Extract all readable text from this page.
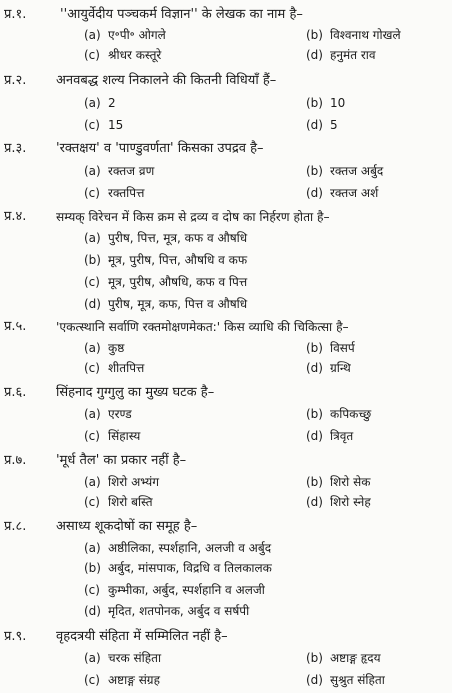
प्र.१.	''आयुर्वेदीय पञ्चकर्म विज्ञान'' के लेखक का नाम है–
(a) ए॰पी॰ ओगले	(b) विश्वनाथ गोखले
(c) श्रीधर कस्तूरे	(d) हनुमंत राव
प्र.२. अनवबद्ध शल्य निकालने की कितनी विधियाँ हैं–
(a) 2	(b) 10
(c) 15	(d) 5
प्र.३. 'रक्तक्षय' व 'पाण्डुवर्णता' किसका उपद्रव है–
(a) रक्तज व्रण	(b) रक्तज अर्बुद
(c) रक्तपित्त	(d) रक्तज अर्श
प्र.४. सम्यक् विरेचन में किस क्रम से द्रव्य व दोष का निर्हरण होता है–
(a) पुरीष, पित्त, मूत्र, कफ व औषधि
(b) मूत्र, पुरीष, पित्त, औषधि व कफ
(c) मूत्र, पुरीष, औषधि, कफ व पित्त
(d) पुरीष, मूत्र, कफ, पित्त व औषधि
प्र.५. 'एकत्स्थानि सर्वाणि रक्तमोक्षणमेकत:' किस व्याधि की चिकित्सा है–
(a) कुष्ठ	(b) विसर्प
(c) शीतपित्त	(d) ग्रन्थि
प्र.६. सिंहनाद गुग्गुलु का मुख्य घटक है–
(a) एरण्ड	(b) कपिकच्छु
(c) सिंहास्य	(d) त्रिवृत
प्र.७. 'मूर्ध तैल' का प्रकार नहीं है–
(a) शिरो अभ्यंग	(b) शिरो सेक
(c) शिरो बस्ति	(d) शिरो स्नेह
प्र.८. असाध्य शूकदोषों का समूह है–
(a) अष्ठीलिका, स्पर्शहानि, अलजी व अर्बुद
(b) अर्बुद, मांसपाक, विद्रधि व तिलकालक
(c) कुम्भीका, अर्बुद, स्पर्शहानि व अलजी
(d) मृदित, शतपोनक, अर्बुद व सर्षपी
प्र.९. वृहदत्रयी संहिता में सम्मिलित नहीं है–
(a) चरक संहिता	(b) अष्टाङ्ग हृदय
(c) अष्टाङ्ग संग्रह	(d) सुश्रुत संहिता
